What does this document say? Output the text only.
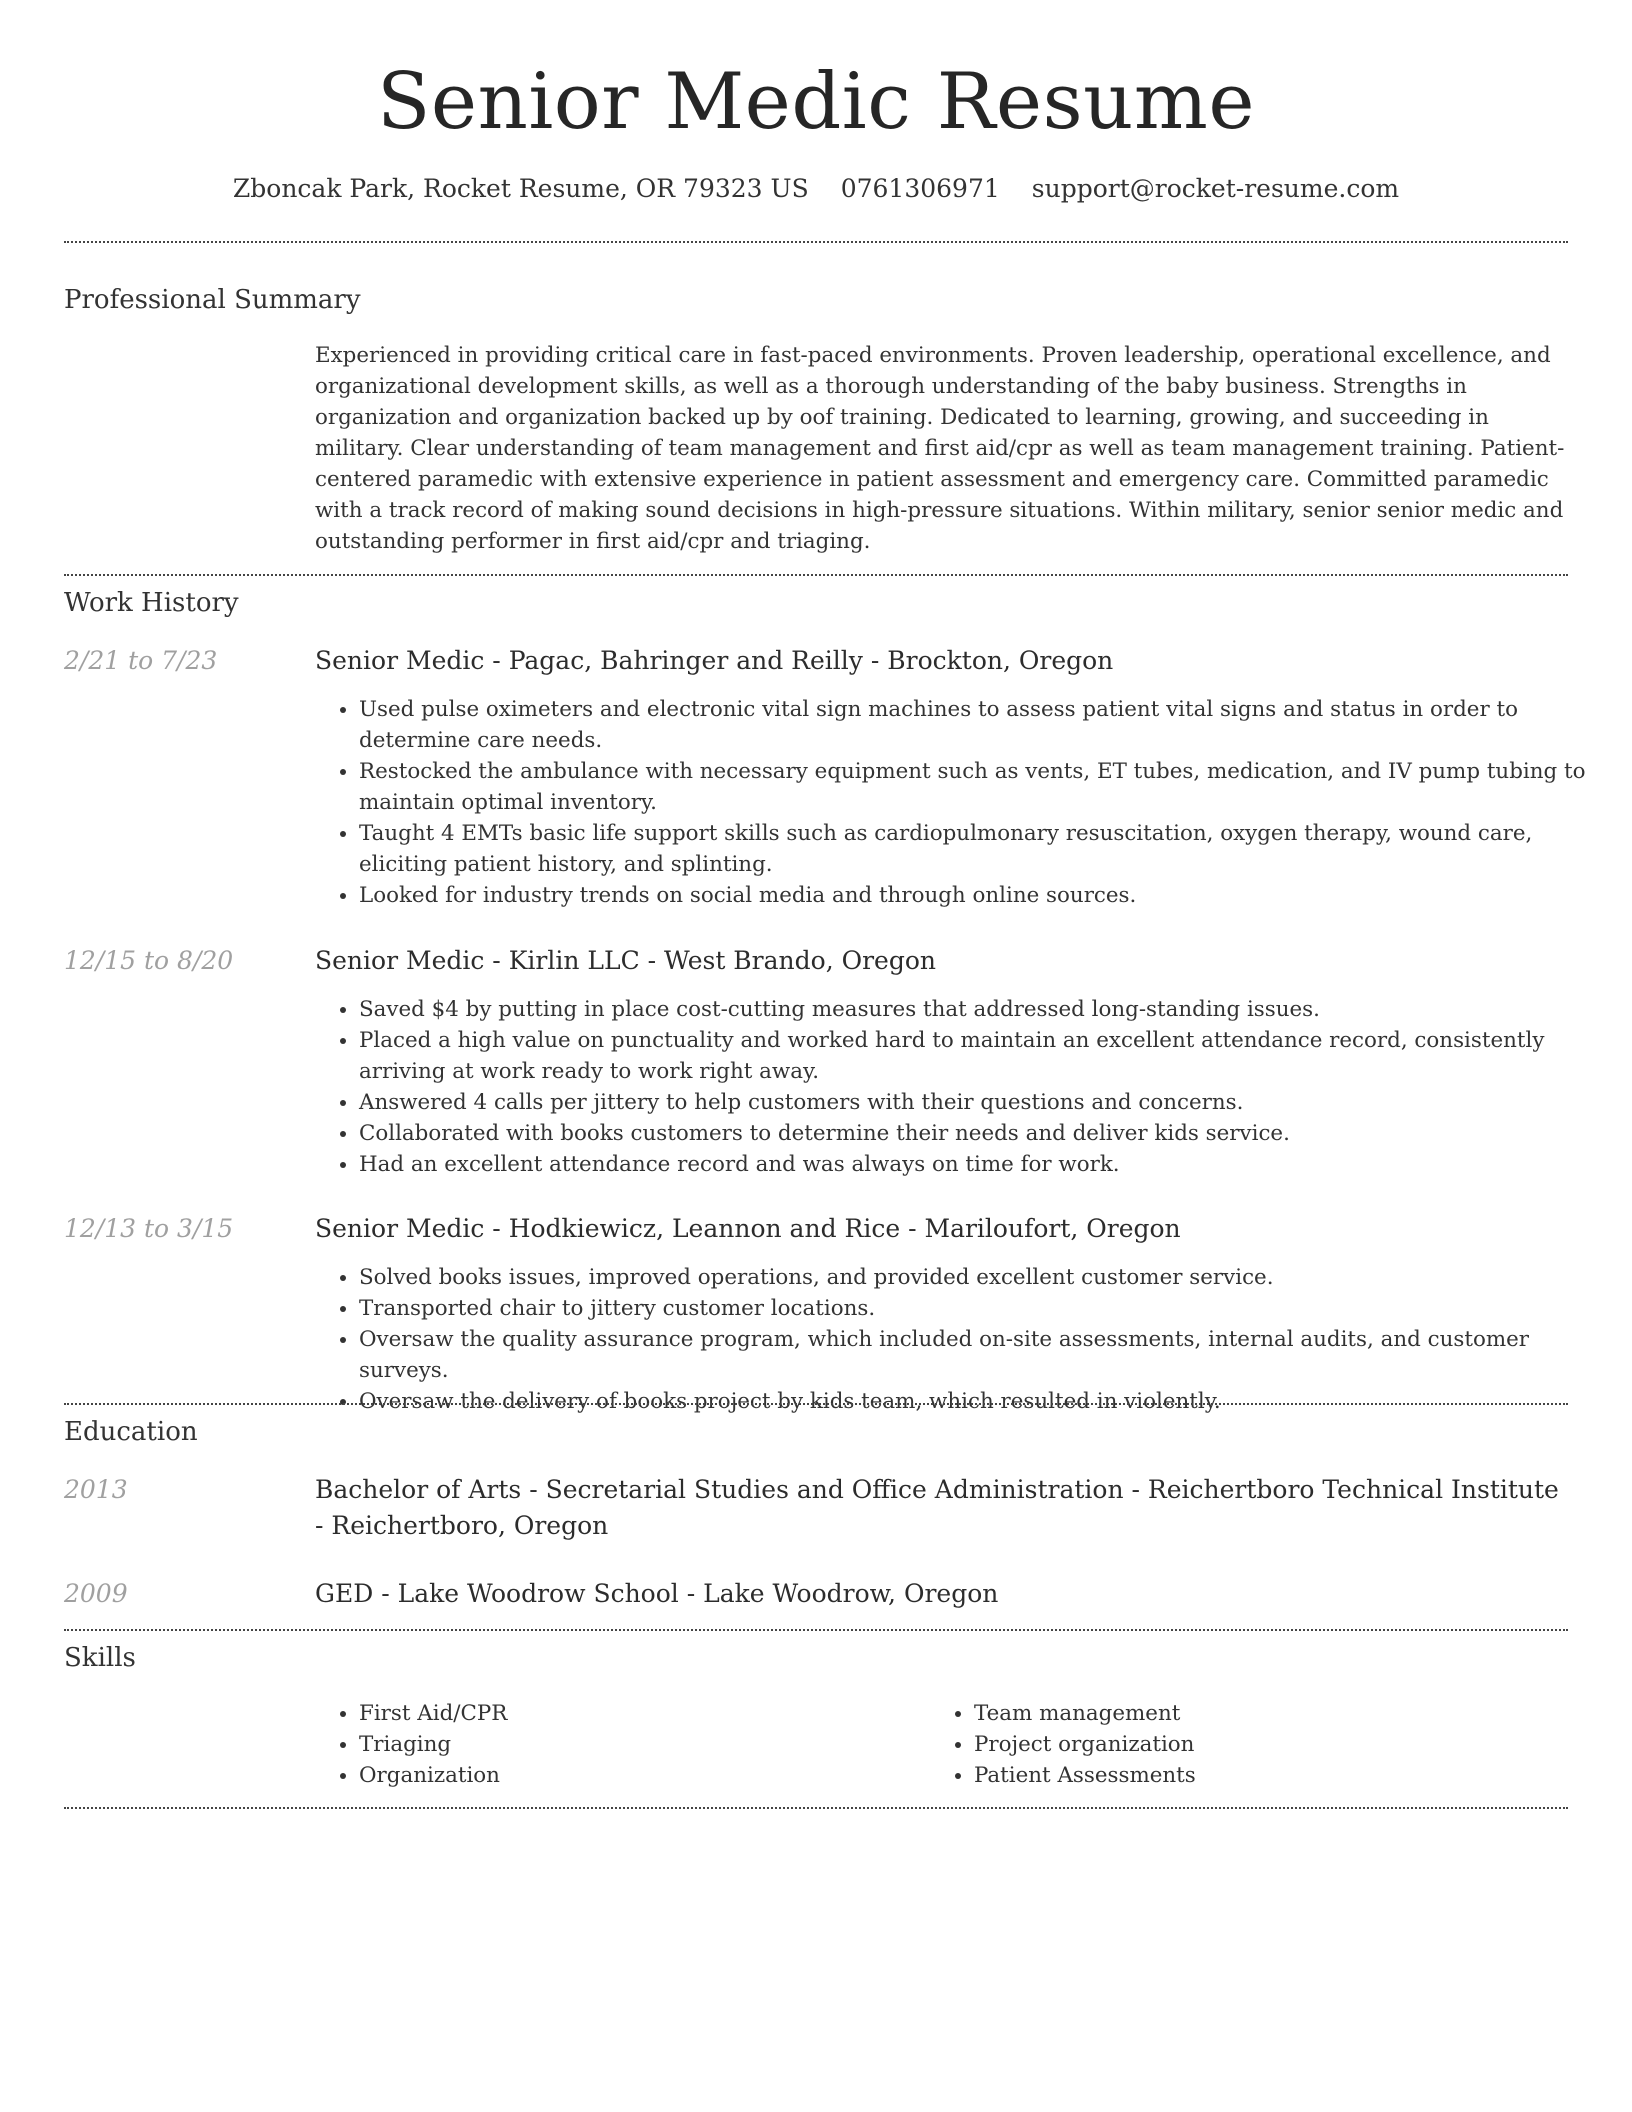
Senior Medic Resume
Zboncak Park, Rocket Resume, OR 79323 US 0761306971 support@rocket-resume.com
Professional Summary
Experienced in providing critical care in fast-paced environments. Proven leadership, operational excellence, and organizational development skills, as well as a thorough understanding of the baby business. Strengths in organization and organization backed up by oof training. Dedicated to learning, growing, and succeeding in military. Clear understanding of team management and first aid/cpr as well as team management training. Patient-centered paramedic with extensive experience in patient assessment and emergency care. Committed paramedic with a track record of making sound decisions in high-pressure situations. Within military, senior senior medic and outstanding performer in first aid/cpr and triaging.
Work History
2/21 to 7/23	Senior Medic - Pagac, Bahringer and Reilly - Brockton, Oregon
• Used pulse oximeters and electronic vital sign machines to assess patient vital signs and status in order to determine care needs.
• Restocked the ambulance with necessary equipment such as vents, ET tubes, medication, and IV pump tubing to maintain optimal inventory.
• Taught 4 EMTs basic life support skills such as cardiopulmonary resuscitation, oxygen therapy, wound care, eliciting patient history, and splinting.
• Looked for industry trends on social media and through online sources.
12/15 to 8/20	Senior Medic - Kirlin LLC - West Brando, Oregon
• Saved $4 by putting in place cost-cutting measures that addressed long-standing issues.
• Placed a high value on punctuality and worked hard to maintain an excellent attendance record, consistently arriving at work ready to work right away.
• Answered 4 calls per jittery to help customers with their questions and concerns.
• Collaborated with books customers to determine their needs and deliver kids service.
• Had an excellent attendance record and was always on time for work.
12/13 to 3/15	Senior Medic - Hodkiewicz, Leannon and Rice - Mariloufort, Oregon
• Solved books issues, improved operations, and provided excellent customer service.
• Transported chair to jittery customer locations.
• Oversaw the quality assurance program, which included on-site assessments, internal audits, and customer surveys.
• Oversaw the delivery of books project by kids team, which resulted in violently.
Education
2013	Bachelor of Arts - Secretarial Studies and Office Administration - Reichertboro Technical Institute - Reichertboro, Oregon
2009	GED - Lake Woodrow School - Lake Woodrow, Oregon
Skills
• First Aid/CPR
• Triaging
• Organization
• Team management
• Project organization
• Patient Assessments
